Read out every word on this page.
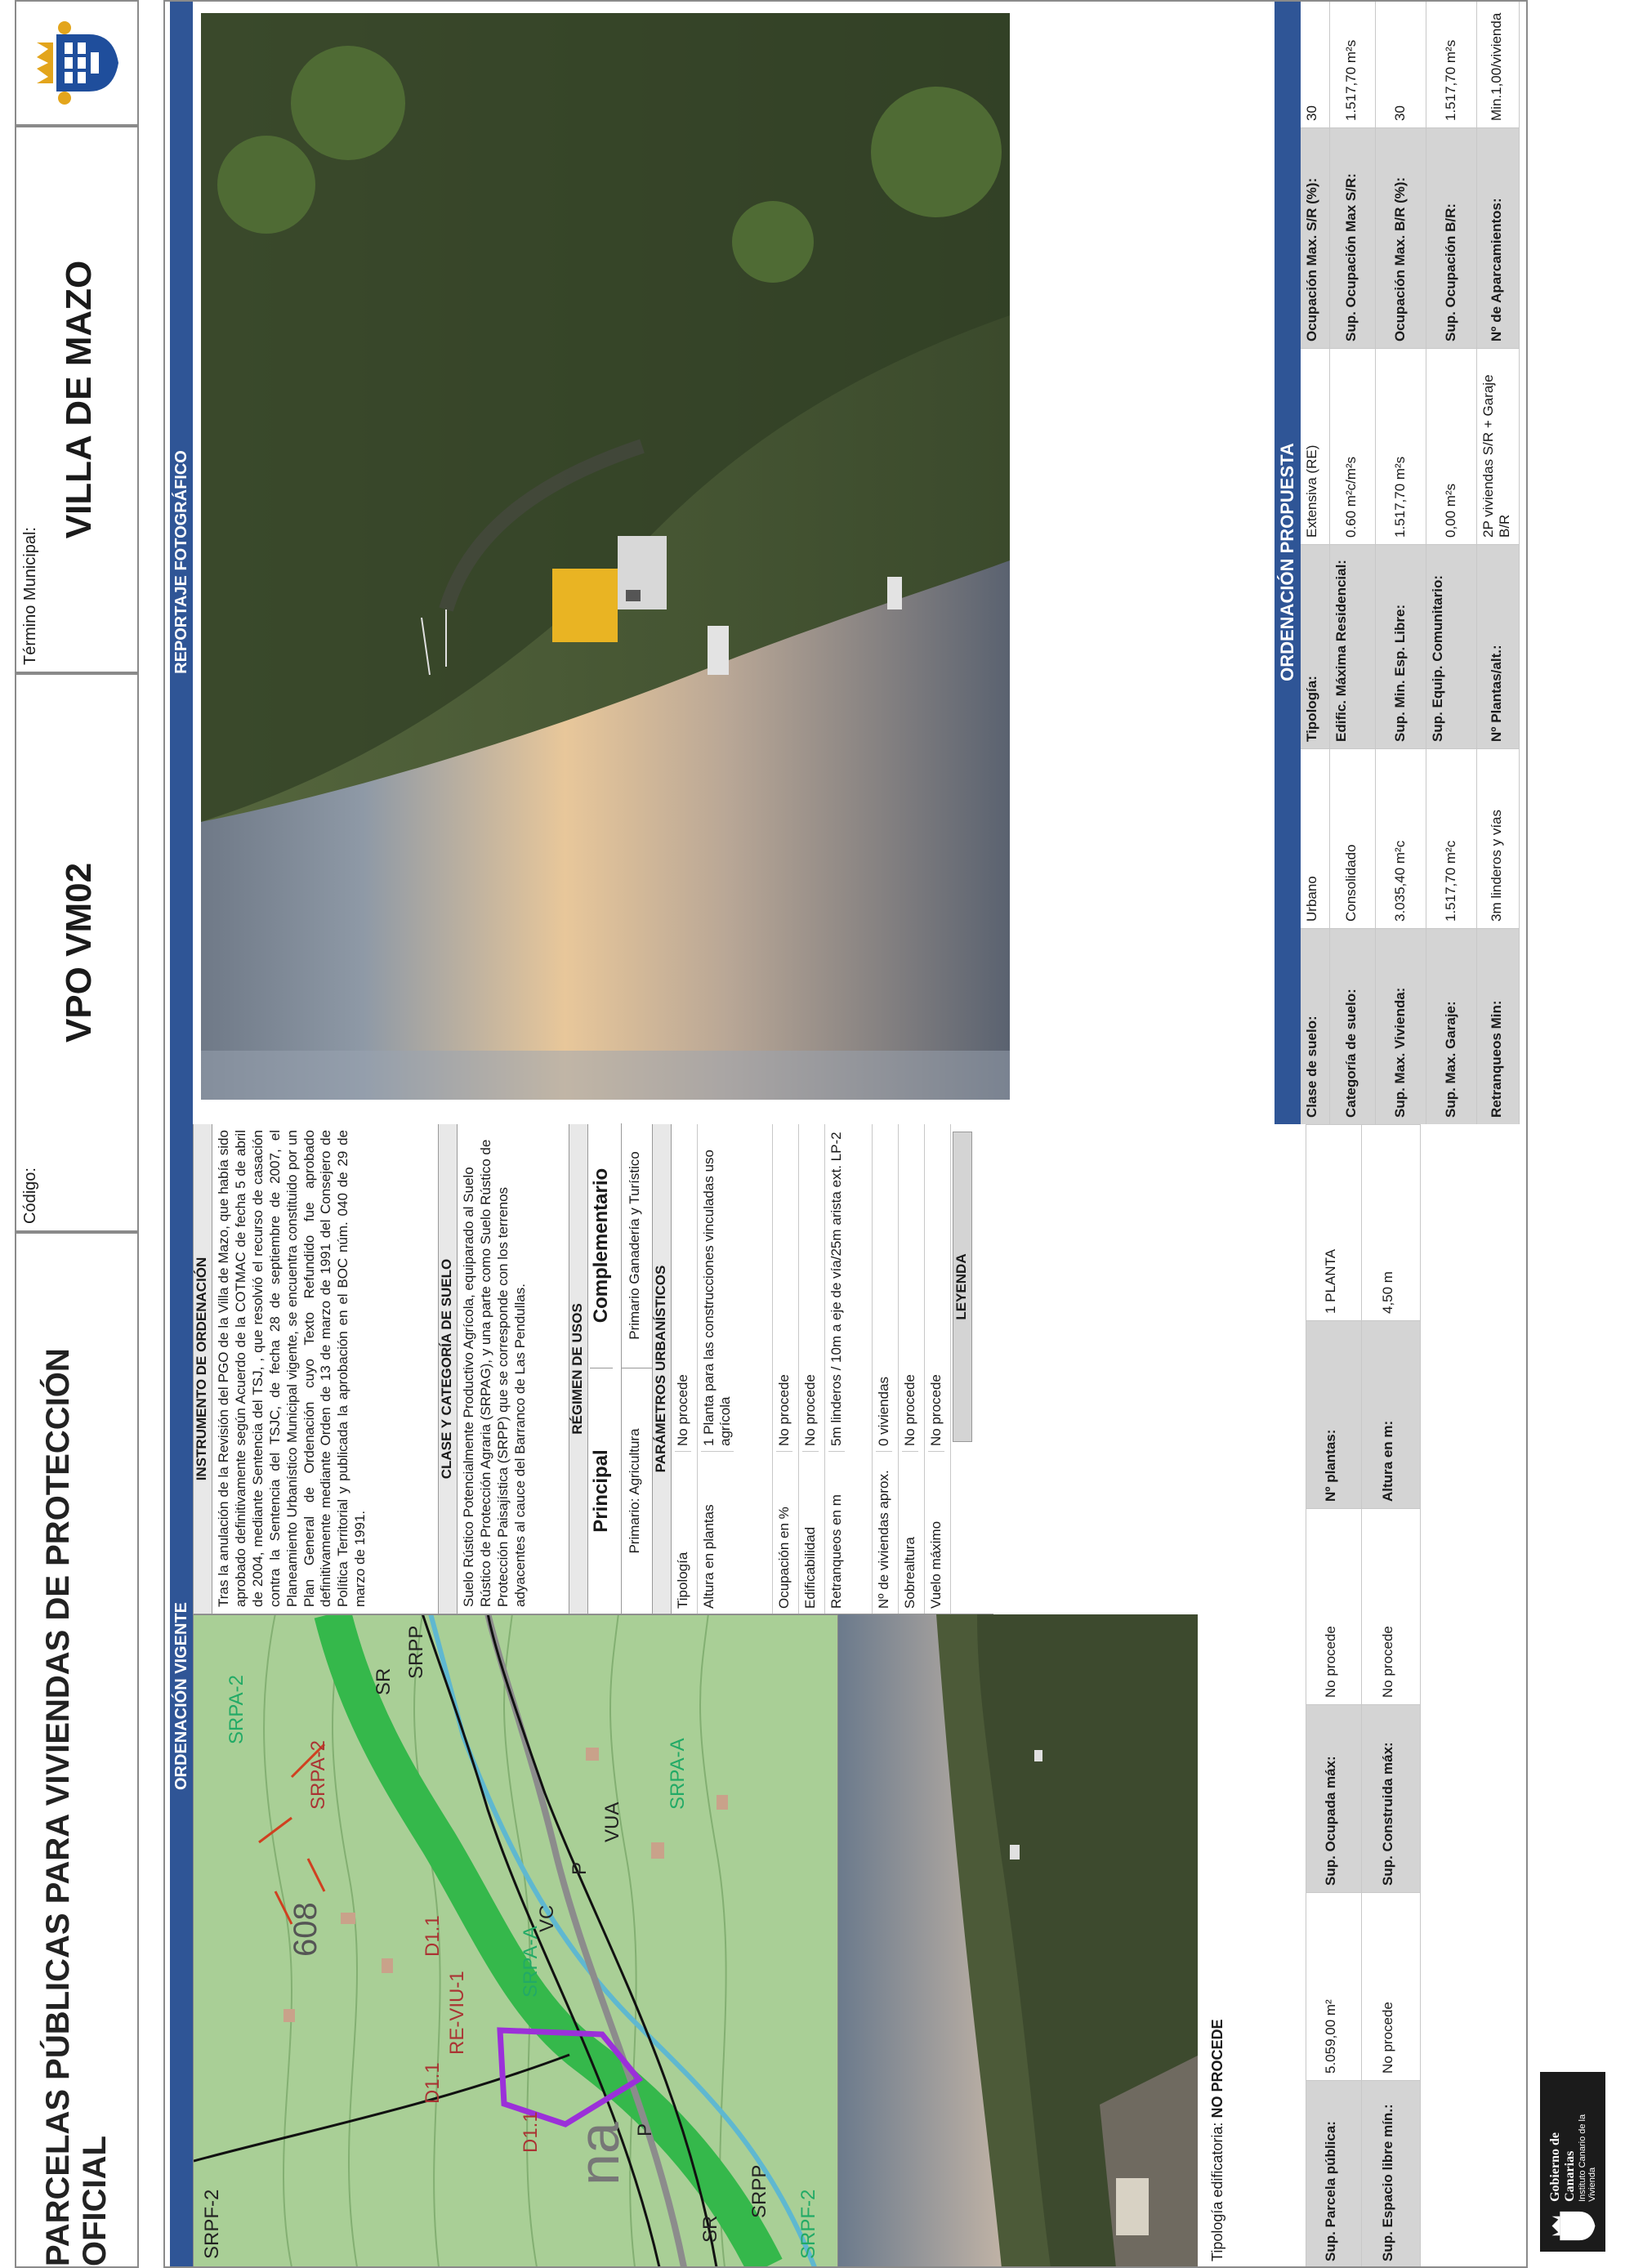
PARCELAS PÚBLICAS PARA VIVIENDAS DE PROTECCIÓN OFICIAL
Código:
VPO VM02
Término Municipal:
VILLA DE MAZO
ORDENACIÓN VIGENTE
SRPF-2
SRPA-2
SRPA-2
SRPP
SR
D1.1
D1.1
D1.1
RE-VIU-1
SRPA-A
VC
P
P
SRPP
SRPA-A
VUA
608
SR	SRPF-2
na
INSTRUMENTO DE ORDENACIÓN Tras la anulación de la Revisión del PGO de la Villa de Mazo, que había sido aprobado definitivamente según Acuerdo de la COTMAC de fecha 5 de abril de 2004, mediante Sentencia del TSJ, , que resolvió el recurso de casación contra la Sentencia del TSJC, de fecha 28 de septiembre de 2007, el Planeamiento Urbanístico Municipal vigente, se encuentra constituido por un Plan General de Ordenación cuyo Texto Refundido fue aprobado definitivamente mediante Orden de 13 de marzo de 1991 del Consejero de Política Territorial y publicada la aprobación en el BOC núm. 040 de 29 de marzo de 1991.
CLASE Y CATEGORÍA DE SUELO Suelo Rústico Potencialmente Productivo Agrícola, equiparado al Suelo Rústico de Protección Agraria (SRPAG), y una parte como Suelo Rústico de Protección Paisajística (SRPP) que se corresponde con los terrenos adyacentes al cauce del Barranco de Las Pendullas.	RÉGIMEN DE USOS
Principal
Complementario
Primario: Agricultura
Primario Ganadería y Turístico
PARÁMETROS URBANÍSTICOS
Tipología
No procede
Altura en plantas
1 Planta para las construcciones vinculadas uso agrícola
Ocupación en %
No procede
Edificabilidad
No procede
Retranqueos en m
5m linderos / 10m a eje de vía/25m arista ext. LP-2
Nº de viviendas aprox.
0 viviendas
Sobrealtura
No procede
Vuelo máximo
No procede
LEYENDA
Tipología edificatoria: NO PROCEDE
Sup. Parcela pública:
5.059,00 m²
Sup. Ocupada máx:
No procede
Nº plantas:
1 PLANTA
Sup. Espacio libre mín.:
No procede
Sup. Construida máx:
No procede
Altura en m:
4,50 m
REPORTAJE FOTOGRÁFICO	ORDENACIÓN PROPUESTA
Clase de suelo:
Urbano
Tipología:
Extensiva (RE)
Ocupación Max. S/R (%):
30
Categoría de suelo:
Consolidado
Edific. Máxima Residencial:
0.60 m²c/m²s
Sup. Ocupación Max S/R:
1.517,70 m²s
Sup. Max. Vivienda:
3.035,40 m²c
Sup. Min. Esp. Libre:
1.517,70 m²s
Ocupación Max. B/R (%):
30
Sup. Max. Garaje:
1.517,70 m²c
Sup. Equip. Comunitario:
0,00 m²s
Sup. Ocupación B/R:
1.517,70 m²s
Retranqueos Min:
3m linderos y vías
Nº Plantas/alt.:
2P viviendas S/R + Garaje B/R
Nº de Aparcamientos:
Min.1,00/vivienda
Gobierno de Canarias Instituto Canario de la Vivienda
